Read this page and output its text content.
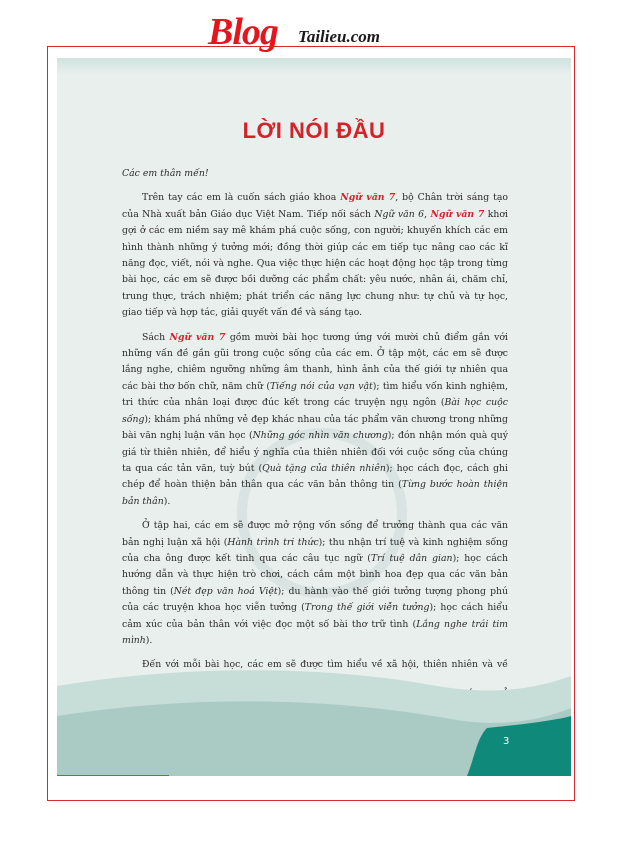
Blog Tailieu.com
LỜI NÓI ĐẦU

Các em thân mến!

Trên tay các em là cuốn sách giáo khoa Ngữ văn 7, bộ Chân trời sáng tạo của Nhà xuất bản Giáo dục Việt Nam. Tiếp nối sách Ngữ văn 6, Ngữ văn 7 khơi gợi ở các em niềm say mê khám phá cuộc sống, con người; khuyến khích các em hình thành những ý tưởng mới; đồng thời giúp các em tiếp tục nâng cao các kĩ năng đọc, viết, nói và nghe. Qua việc thực hiện các hoạt động học tập trong từng bài học, các em sẽ được bồi dưỡng các phẩm chất: yêu nước, nhân ái, chăm chỉ, trung thực, trách nhiệm; phát triển các năng lực chung như: tự chủ và tự học, giao tiếp và hợp tác, giải quyết vấn đề và sáng tạo.

Sách Ngữ văn 7 gồm mười bài học tương ứng với mười chủ điểm gắn với những vấn đề gần gũi trong cuộc sống của các em. Ở tập một, các em sẽ được lắng nghe, chiêm ngưỡng những âm thanh, hình ảnh của thế giới tự nhiên qua các bài thơ bốn chữ, năm chữ (Tiếng nói của vạn vật); tìm hiểu vốn kinh nghiệm, tri thức của nhân loại được đúc kết trong các truyện ngụ ngôn (Bài học cuộc sống); khám phá những vẻ đẹp khác nhau của tác phẩm văn chương trong những bài văn nghị luận văn học (Những góc nhìn văn chương); đón nhận món quà quý giá từ thiên nhiên, để hiểu ý nghĩa của thiên nhiên đối với cuộc sống của chúng ta qua các tản văn, tuỳ bút (Quà tặng của thiên nhiên); học cách đọc, cách ghi chép để hoàn thiện bản thân qua các văn bản thông tin (Từng bước hoàn thiện bản thân).

Ở tập hai, các em sẽ được mở rộng vốn sống để trưởng thành qua các văn bản nghị luận xã hội (Hành trình tri thức); thu nhận trí tuệ và kinh nghiệm sống của cha ông được kết tinh qua các câu tục ngữ (Trí tuệ dân gian); học cách hướng dẫn và thực hiện trò chơi, cách cắm một bình hoa đẹp qua các văn bản thông tin (Nét đẹp văn hoá Việt); du hành vào thế giới tưởng tượng phong phú của các truyện khoa học viễn tưởng (Trong thế giới viễn tưởng); học cách hiểu cảm xúc của bản thân với việc đọc một số bài thơ trữ tình (Lắng nghe trái tim mình).

Đến với mỗi bài học, các em sẽ được tìm hiểu về xã hội, thiên nhiên và về

3
